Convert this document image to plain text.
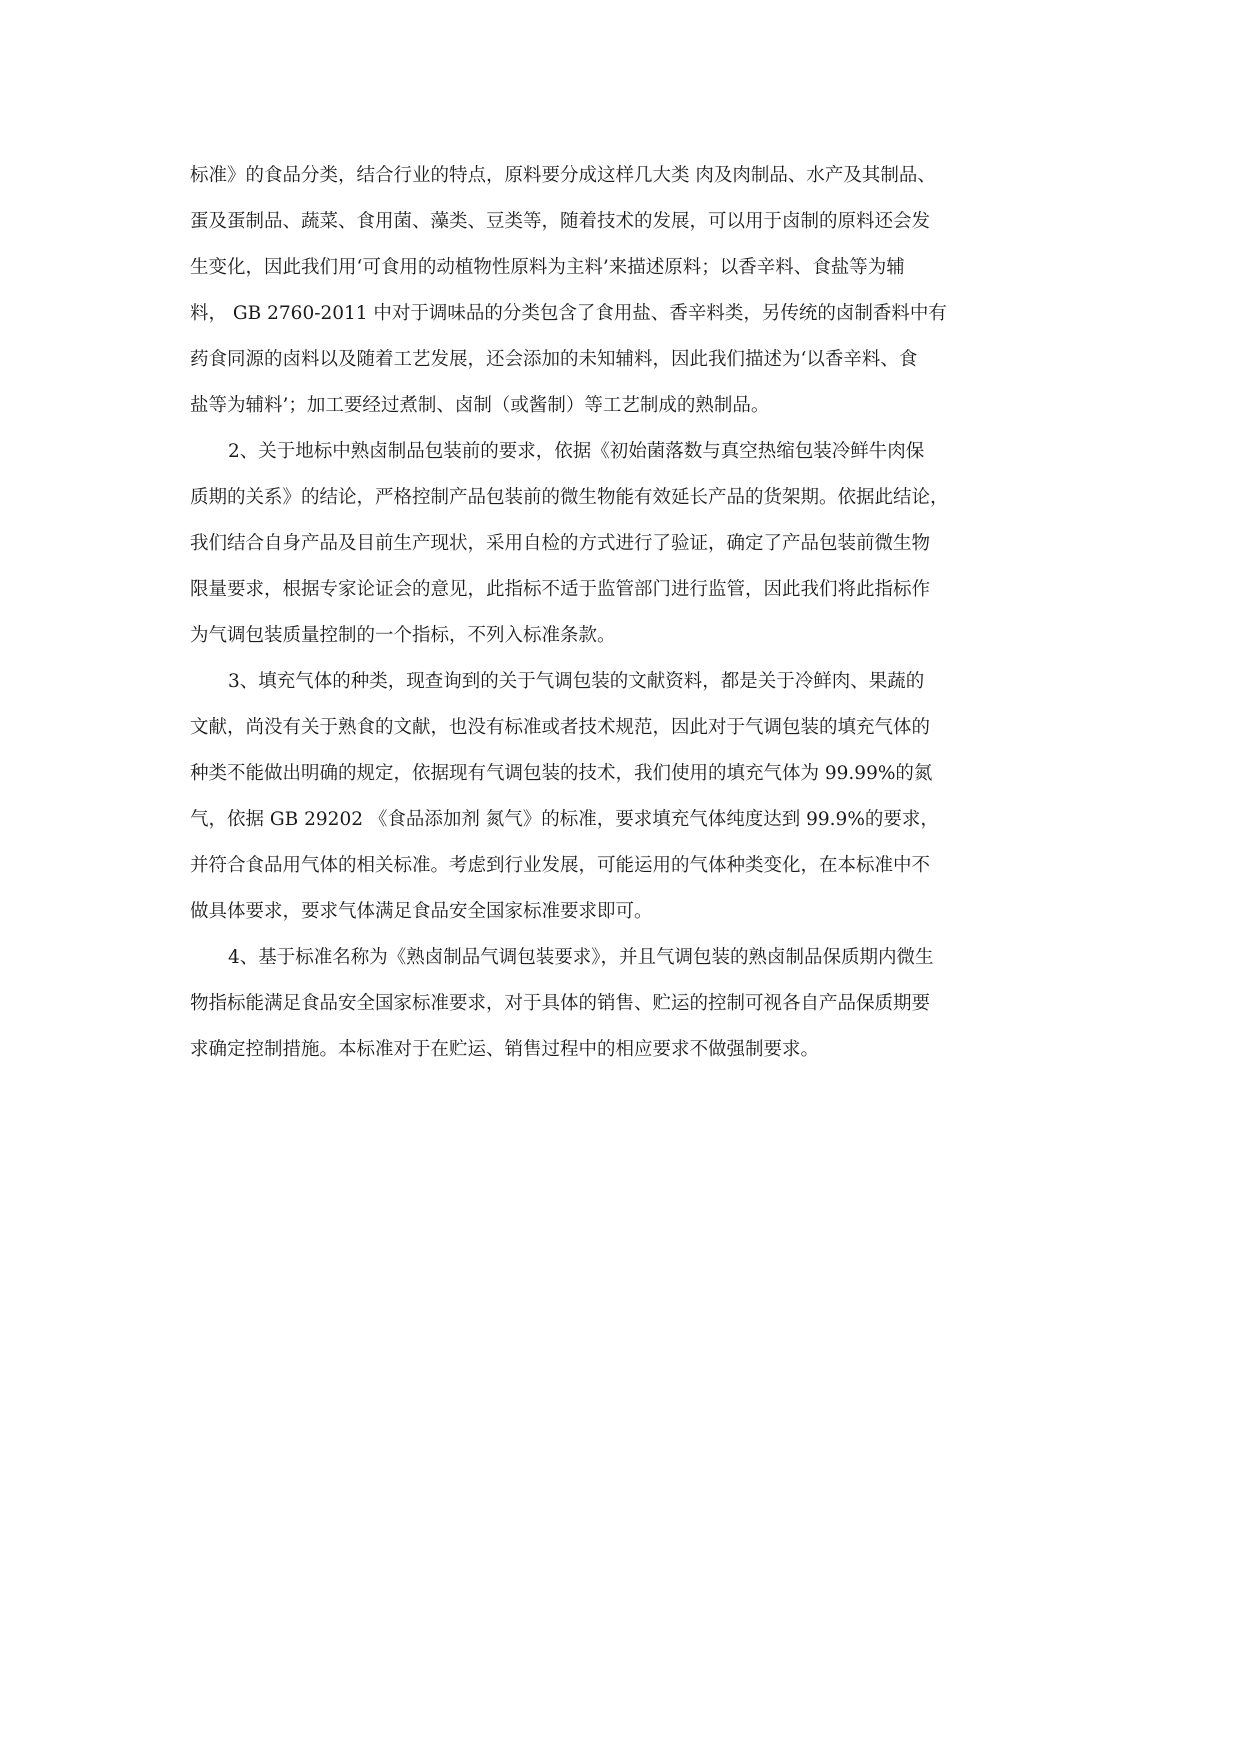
标准》的食品分类，结合行业的特点，原料要分成这样几大类 肉及肉制品、水产及其制品、
蛋及蛋制品、蔬菜、食用菌、藻类、豆类等，随着技术的发展，可以用于卤制的原料还会发
生变化，因此我们用‘可食用的动植物性原料为主料’来描述原料；以香辛料、食盐等为辅
料， GB 2760-2011 中对于调味品的分类包含了食用盐、香辛料类，另传统的卤制香料中有
药食同源的卤料以及随着工艺发展，还会添加的未知辅料，因此我们描述为‘以香辛料、食
盐等为辅料’；加工要经过煮制、卤制（或酱制）等工艺制成的熟制品。
2、关于地标中熟卤制品包装前的要求，依据《初始菌落数与真空热缩包装冷鲜牛肉保
质期的关系》的结论，严格控制产品包装前的微生物能有效延长产品的货架期。依据此结论，
我们结合自身产品及目前生产现状，采用自检的方式进行了验证，确定了产品包装前微生物
限量要求，根据专家论证会的意见，此指标不适于监管部门进行监管，因此我们将此指标作
为气调包装质量控制的一个指标，不列入标准条款。
3、填充气体的种类，现查询到的关于气调包装的文献资料，都是关于冷鲜肉、果蔬的
文献，尚没有关于熟食的文献，也没有标准或者技术规范，因此对于气调包装的填充气体的
种类不能做出明确的规定，依据现有气调包装的技术，我们使用的填充气体为 99.99%的氮
气，依据 GB 29202 《食品添加剂 氮气》的标准，要求填充气体纯度达到 99.9%的要求，
并符合食品用气体的相关标准。考虑到行业发展，可能运用的气体种类变化，在本标准中不
做具体要求，要求气体满足食品安全国家标准要求即可。
4、基于标准名称为《熟卤制品气调包装要求》，并且气调包装的熟卤制品保质期内微生
物指标能满足食品安全国家标准要求，对于具体的销售、贮运的控制可视各自产品保质期要
求确定控制措施。本标准对于在贮运、销售过程中的相应要求不做强制要求。
